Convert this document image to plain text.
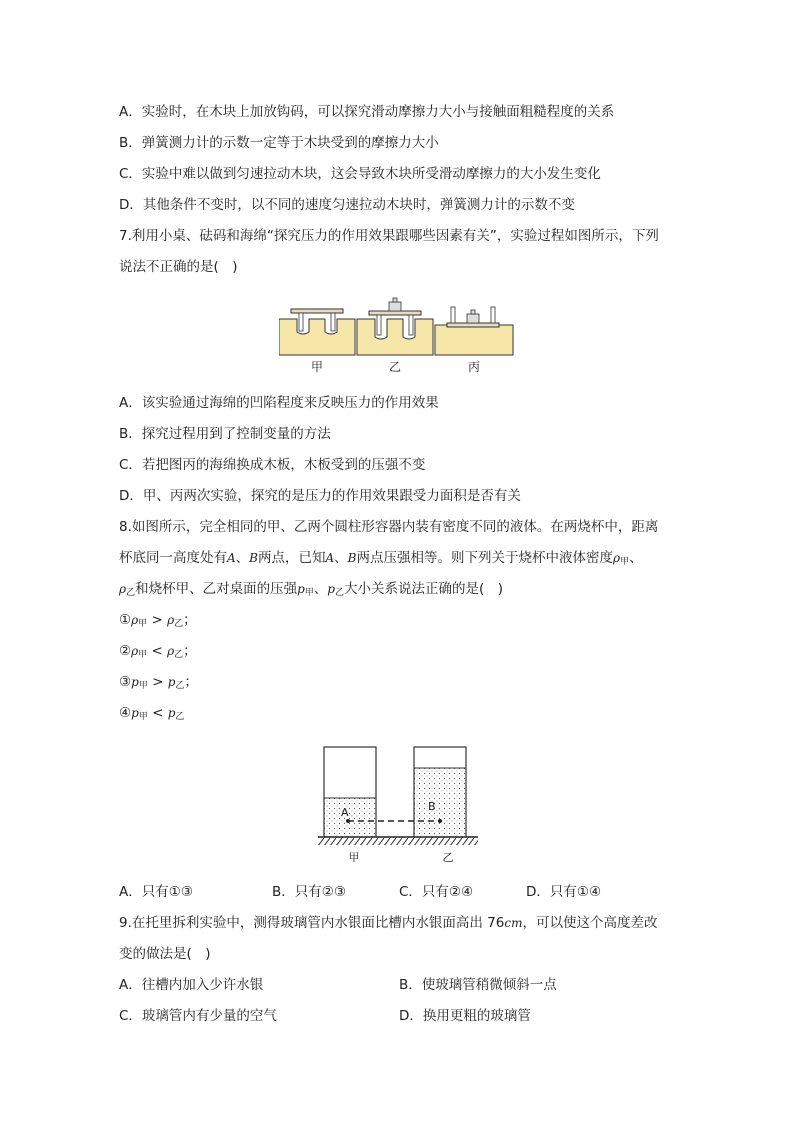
A．实验时，在木块上加放钩码，可以探究滑动摩擦力大小与接触面粗糙程度的关系
B．弹簧测力计的示数一定等于木块受到的摩擦力大小
C．实验中难以做到匀速拉动木块，这会导致木块所受滑动摩擦力的大小发生变化
D．其他条件不变时，以不同的速度匀速拉动木块时，弹簧测力计的示数不变
7.利用小桌、砝码和海绵“探究压力的作用效果跟哪些因素有关”，实验过程如图所示，下列
说法不正确的是(　)
甲	乙	丙
A．该实验通过海绵的凹陷程度来反映压力的作用效果
B．探究过程用到了控制变量的方法
C．若把图丙的海绵换成木板，木板受到的压强不变
D．甲、丙两次实验，探究的是压力的作用效果跟受力面积是否有关
8.如图所示，完全相同的甲、乙两个圆柱形容器内装有密度不同的液体。在两烧杯中，距离
杯底同一高度处有A、B两点，已知A、B两点压强相等。则下列关于烧杯中液体密度$\rho_甲$、
$\rho_乙$和烧杯甲、乙对桌面的压强$p_甲$、$p_乙$大小关系说法正确的是(　)
$①\rho_甲 > \rho_乙$；
$②\rho_甲 < \rho_乙$；
$③p_甲 > p_乙$；
$④p_甲 < p_乙$
A	B
甲	乙
A．只有①③	B．只有②③	C．只有②④	D．只有①④
9.在托里拆利实验中，测得玻璃管内水银面比槽内水银面高出 76cm，可以使这个高度差改
变的做法是(　)
A．往槽内加入少许水银	B．使玻璃管稍微倾斜一点
C．玻璃管内有少量的空气	D．换用更粗的玻璃管
